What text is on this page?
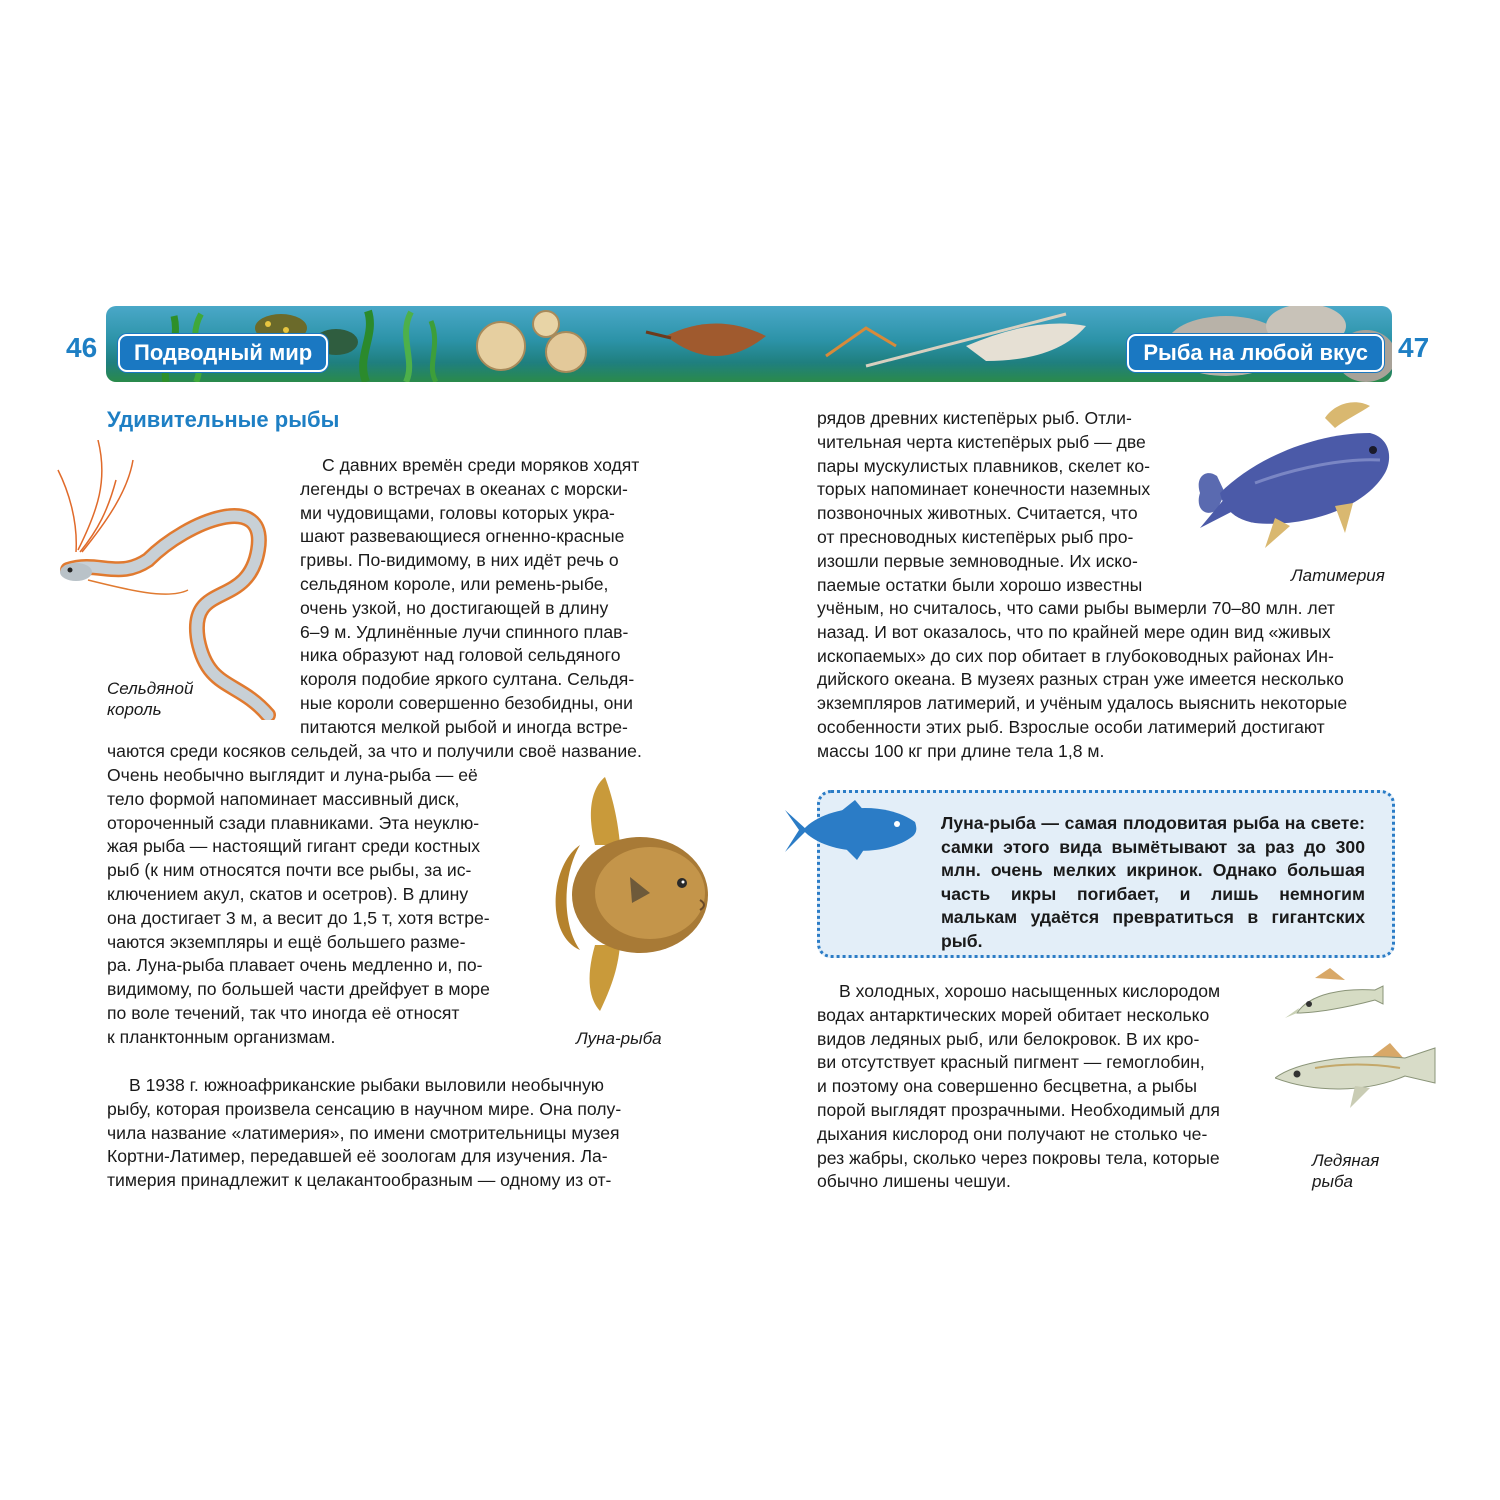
46	47
Подводный мир	Рыба на любой вкус
Удивительные рыбы
Сельдяной
король

С давних времён среди моряков ходят

легенды о встречах в океанах с морски-

ми чудовищами, головы которых укра-

шают развевающиеся огненно-красные

гривы. По-видимому, в них идёт речь о

сельдяном короле, или ремень-рыбе,

очень узкой, но достигающей в длину

6–9 м. Удлинённые лучи спинного плав-

ника образуют над головой сельдяного

короля подобие яркого султана. Сельдя-

ные короли совершенно безобидны, они

питаются мелкой рыбой и иногда встре-

чаются среди косяков сельдей, за что и получили своё название.

Очень необычно выглядит и луна-рыба — её

тело формой напоминает массивный диск,

отороченный сзади плавниками. Эта неуклю-

жая рыба — настоящий гигант среди костных

рыб (к ним относятся почти все рыбы, за ис-

ключением акул, скатов и осетров). В длину

она достигает 3 м, а весит до 1,5 т, хотя встре-

чаются экземпляры и ещё большего разме-

ра. Луна-рыба плавает очень медленно и, по-

видимому, по большей части дрейфует в море

по воле течений, так что иногда её относят

к планктонным организмам.	Луна-рыба

В 1938 г. южноафриканские рыбаки выловили необычную

рыбу, которая произвела сенсацию в научном мире. Она полу-

чила название «латимерия», по имени смотрительницы музея

Кортни-Латимер, передавшей её зоологам для изучения. Ла-

тимерия принадлежит к целакантообразным — одному из от-

рядов древних кистепёрых рыб. Отли-

чительная черта кистепёрых рыб — две

пары мускулистых плавников, скелет ко-

торых напоминает конечности наземных

позвоночных животных. Считается, что

от пресноводных кистепёрых рыб про-

изошли первые земноводные. Их иско-

паемые остатки были хорошо известны	Латимерия

учёным, но считалось, что сами рыбы вымерли 70–80 млн. лет

назад. И вот оказалось, что по крайней мере один вид «живых

ископаемых» до сих пор обитает в глубоководных районах Ин-

дийского океана. В музеях разных стран уже имеется несколько

экземпляров латимерий, и учёным удалось выяснить некоторые

особенности этих рыб. Взрослые особи латимерий достигают

массы 100 кг при длине тела 1,8 м.

Луна-рыба — самая плодовитая рыба на свете: самки этого вида вымётывают за раз до 300 млн. очень мелких икринок. Однако большая часть икры погибает, и лишь немногим малькам удаётся превратиться в гигантских рыб.

В холодных, хорошо насыщенных кислородом

водах антарктических морей обитает несколько

видов ледяных рыб, или белокровок. В их кро-

ви отсутствует красный пигмент — гемоглобин,

и поэтому она совершенно бесцветна, а рыбы

порой выглядят прозрачными. Необходимый для

дыхания кислород они получают не столько че-

рез жабры, сколько через покровы тела, которые

обычно лишены чешуи.

Ледяная
рыба
